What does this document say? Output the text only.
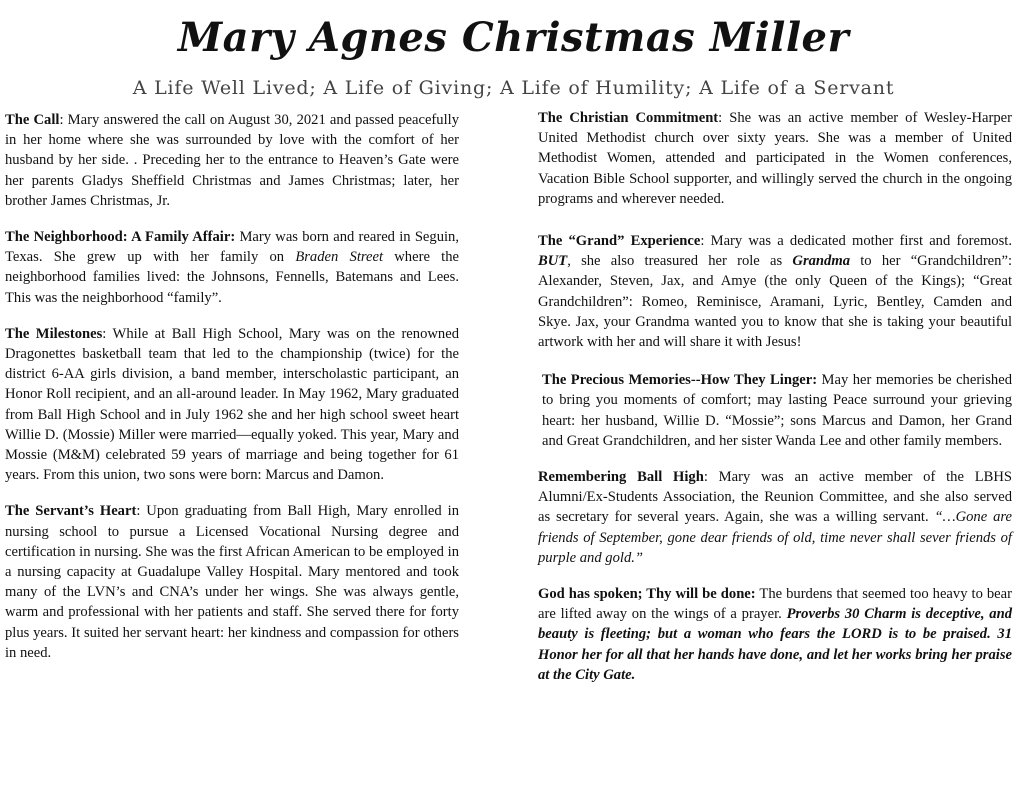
Mary Agnes Christmas Miller
A Life Well Lived; A Life of Giving; A Life of Humility; A Life of a Servant

The Call: Mary answered the call on August 30, 2021 and passed peacefully in her home where she was surrounded by love with the comfort of her husband by her side. . Preceding her to the entrance to Heaven’s Gate were her parents Gladys Sheffield Christmas and James Christmas; later, her brother James Christmas, Jr.

The Neighborhood: A Family Affair: Mary was born and reared in Seguin, Texas. She grew up with her family on Braden Street where the neighborhood families lived: the Johnsons, Fennells, Batemans and Lees. This was the neighborhood “family”.

The Milestones: While at Ball High School, Mary was on the renowned Dragonettes basketball team that led to the championship (twice) for the district 6-AA girls division, a band member, interscholastic participant, an Honor Roll recipient, and an all-around leader. In May 1962, Mary graduated from Ball High School and in July 1962 she and her high school sweet heart Willie D. (Mossie) Miller were married—equally yoked. This year, Mary and Mossie (M&M) celebrated 59 years of marriage and being together for 61 years. From this union, two sons were born: Marcus and Damon.

The Servant’s Heart: Upon graduating from Ball High, Mary enrolled in nursing school to pursue a Licensed Vocational Nursing degree and certification in nursing. She was the first African American to be employed in a nursing capacity at Guadalupe Valley Hospital. Mary mentored and took many of the LVN’s and CNA’s under her wings. She was always gentle, warm and professional with her patients and staff. She served there for forty plus years. It suited her servant heart: her kindness and compassion for others in need.

The Christian Commitment: She was an active member of Wesley-Harper United Methodist church over sixty years. She was a member of United Methodist Women, attended and participated in the Women conferences, Vacation Bible School supporter, and willingly served the church in the ongoing programs and wherever needed.

The “Grand” Experience: Mary was a dedicated mother first and foremost. BUT, she also treasured her role as Grandma to her “Grandchildren”: Alexander, Steven, Jax, and Amye (the only Queen of the Kings); “Great Grandchildren”: Romeo, Reminisce, Aramani, Lyric, Bentley, Camden and Skye. Jax, your Grandma wanted you to know that she is taking your beautiful artwork with her and will share it with Jesus!

The Precious Memories--How They Linger: May her memories be cherished to bring you moments of comfort; may lasting Peace surround your grieving heart: her husband, Willie D. “Mossie”; sons Marcus and Damon, her Grand and Great Grandchildren, and her sister Wanda Lee and other family members.

Remembering Ball High: Mary was an active member of the LBHS Alumni/Ex-Students Association, the Reunion Committee, and she also served as secretary for several years. Again, she was a willing servant. “…Gone are friends of September, gone dear friends of old, time never shall sever friends of purple and gold.”

God has spoken; Thy will be done: The burdens that seemed too heavy to bear are lifted away on the wings of a prayer. Proverbs 30 Charm is deceptive, and beauty is fleeting; but a woman who fears the LORD is to be praised. 31 Honor her for all that her hands have done, and let her works bring her praise at the City Gate.
